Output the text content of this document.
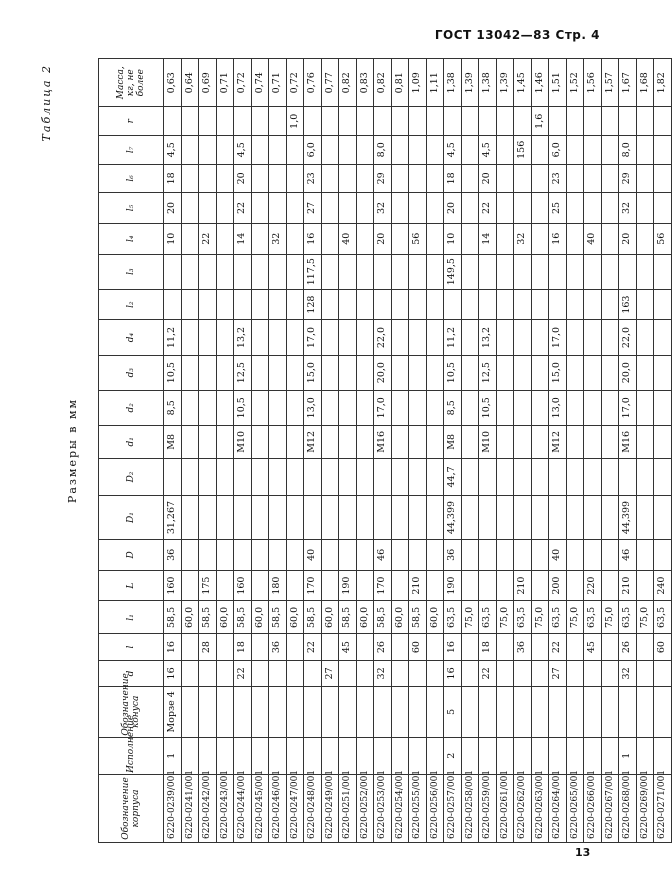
ГОСТ 13042—83 Стр. 4
Таблица 2
Размеры в мм
Обозначение корпуса	Исполнение	Обозначение конуса	d	l	l₁	L	D	D₁	D₂	d₁	d₂	d₃	d₄	l₂	l₃	l₄	l₅	l₆	l₇	r	Масса, кг, не более
6220-0239/001	1	Морзе 4	16	16	58,5	160	36	31,267		М8	8,5	10,5	11,2			10	20	18	4,5		0,63
6220-0241/001					60,0																0,64
6220-0242/001				28	58,5	175										22					0,69
6220-0243/001					60,0																0,71
6220-0244/001			22	18	58,5	160				М10	10,5	12,5	13,2			14	22	20	4,5		0,72
6220-0245/001					60,0																0,74
6220-0246/001				36	58,5	180										32					0,71
6220-0247/001					60,0															1,0	0,72
6220-0248/001				22	58,5	170	40			М12	13,0	15,0	17,0	128	117,5	16	27	23	6,0		0,76
6220-0249/001			27		60,0																0,77
6220-0251/001				45	58,5	190										40					0,82
6220-0252/001					60,0																0,83
6220-0253/001			32	26	58,5	170	46			М16	17,0	20,0	22,0			20	32	29	8,0		0,82
6220-0254/001					60,0																0,81
6220-0255/001				60	58,5	210										56					1,09
6220-0256/001					60,0																1,11
6220-0257/001	2	5	16	16	63,5	190	36	44,399	44,7	М8	8,5	10,5	11,2		149,5	10	20	18	4,5		1,38
6220-0258/001					75,0																1,39
6220-0259/001			22	18	63,5					М10	10,5	12,5	13,2			14	22	20	4,5		1,38
6220-0261/001					75,0																1,39
6220-0262/001				36	63,5	210										32			156		1,45
6220-0263/001					75,0															1,6	1,46
6220-0264/001			27	22	63,5	200	40			М12	13,0	15,0	17,0			16	25	23	6,0		1,51
6220-0265/001					75,0																1,52
6220-0266/001				45	63,5	220										40					1,56
6220-0267/001					75,0																1,57
6220-0268/001	1		32	26	63,5	210	46	44,399		М16	17,0	20,0	22,0	163		20	32	29	8,0		1,67
6220-0269/001					75,0																1,68
6220-0271/001				60	63,5	240										56					1,82
13
